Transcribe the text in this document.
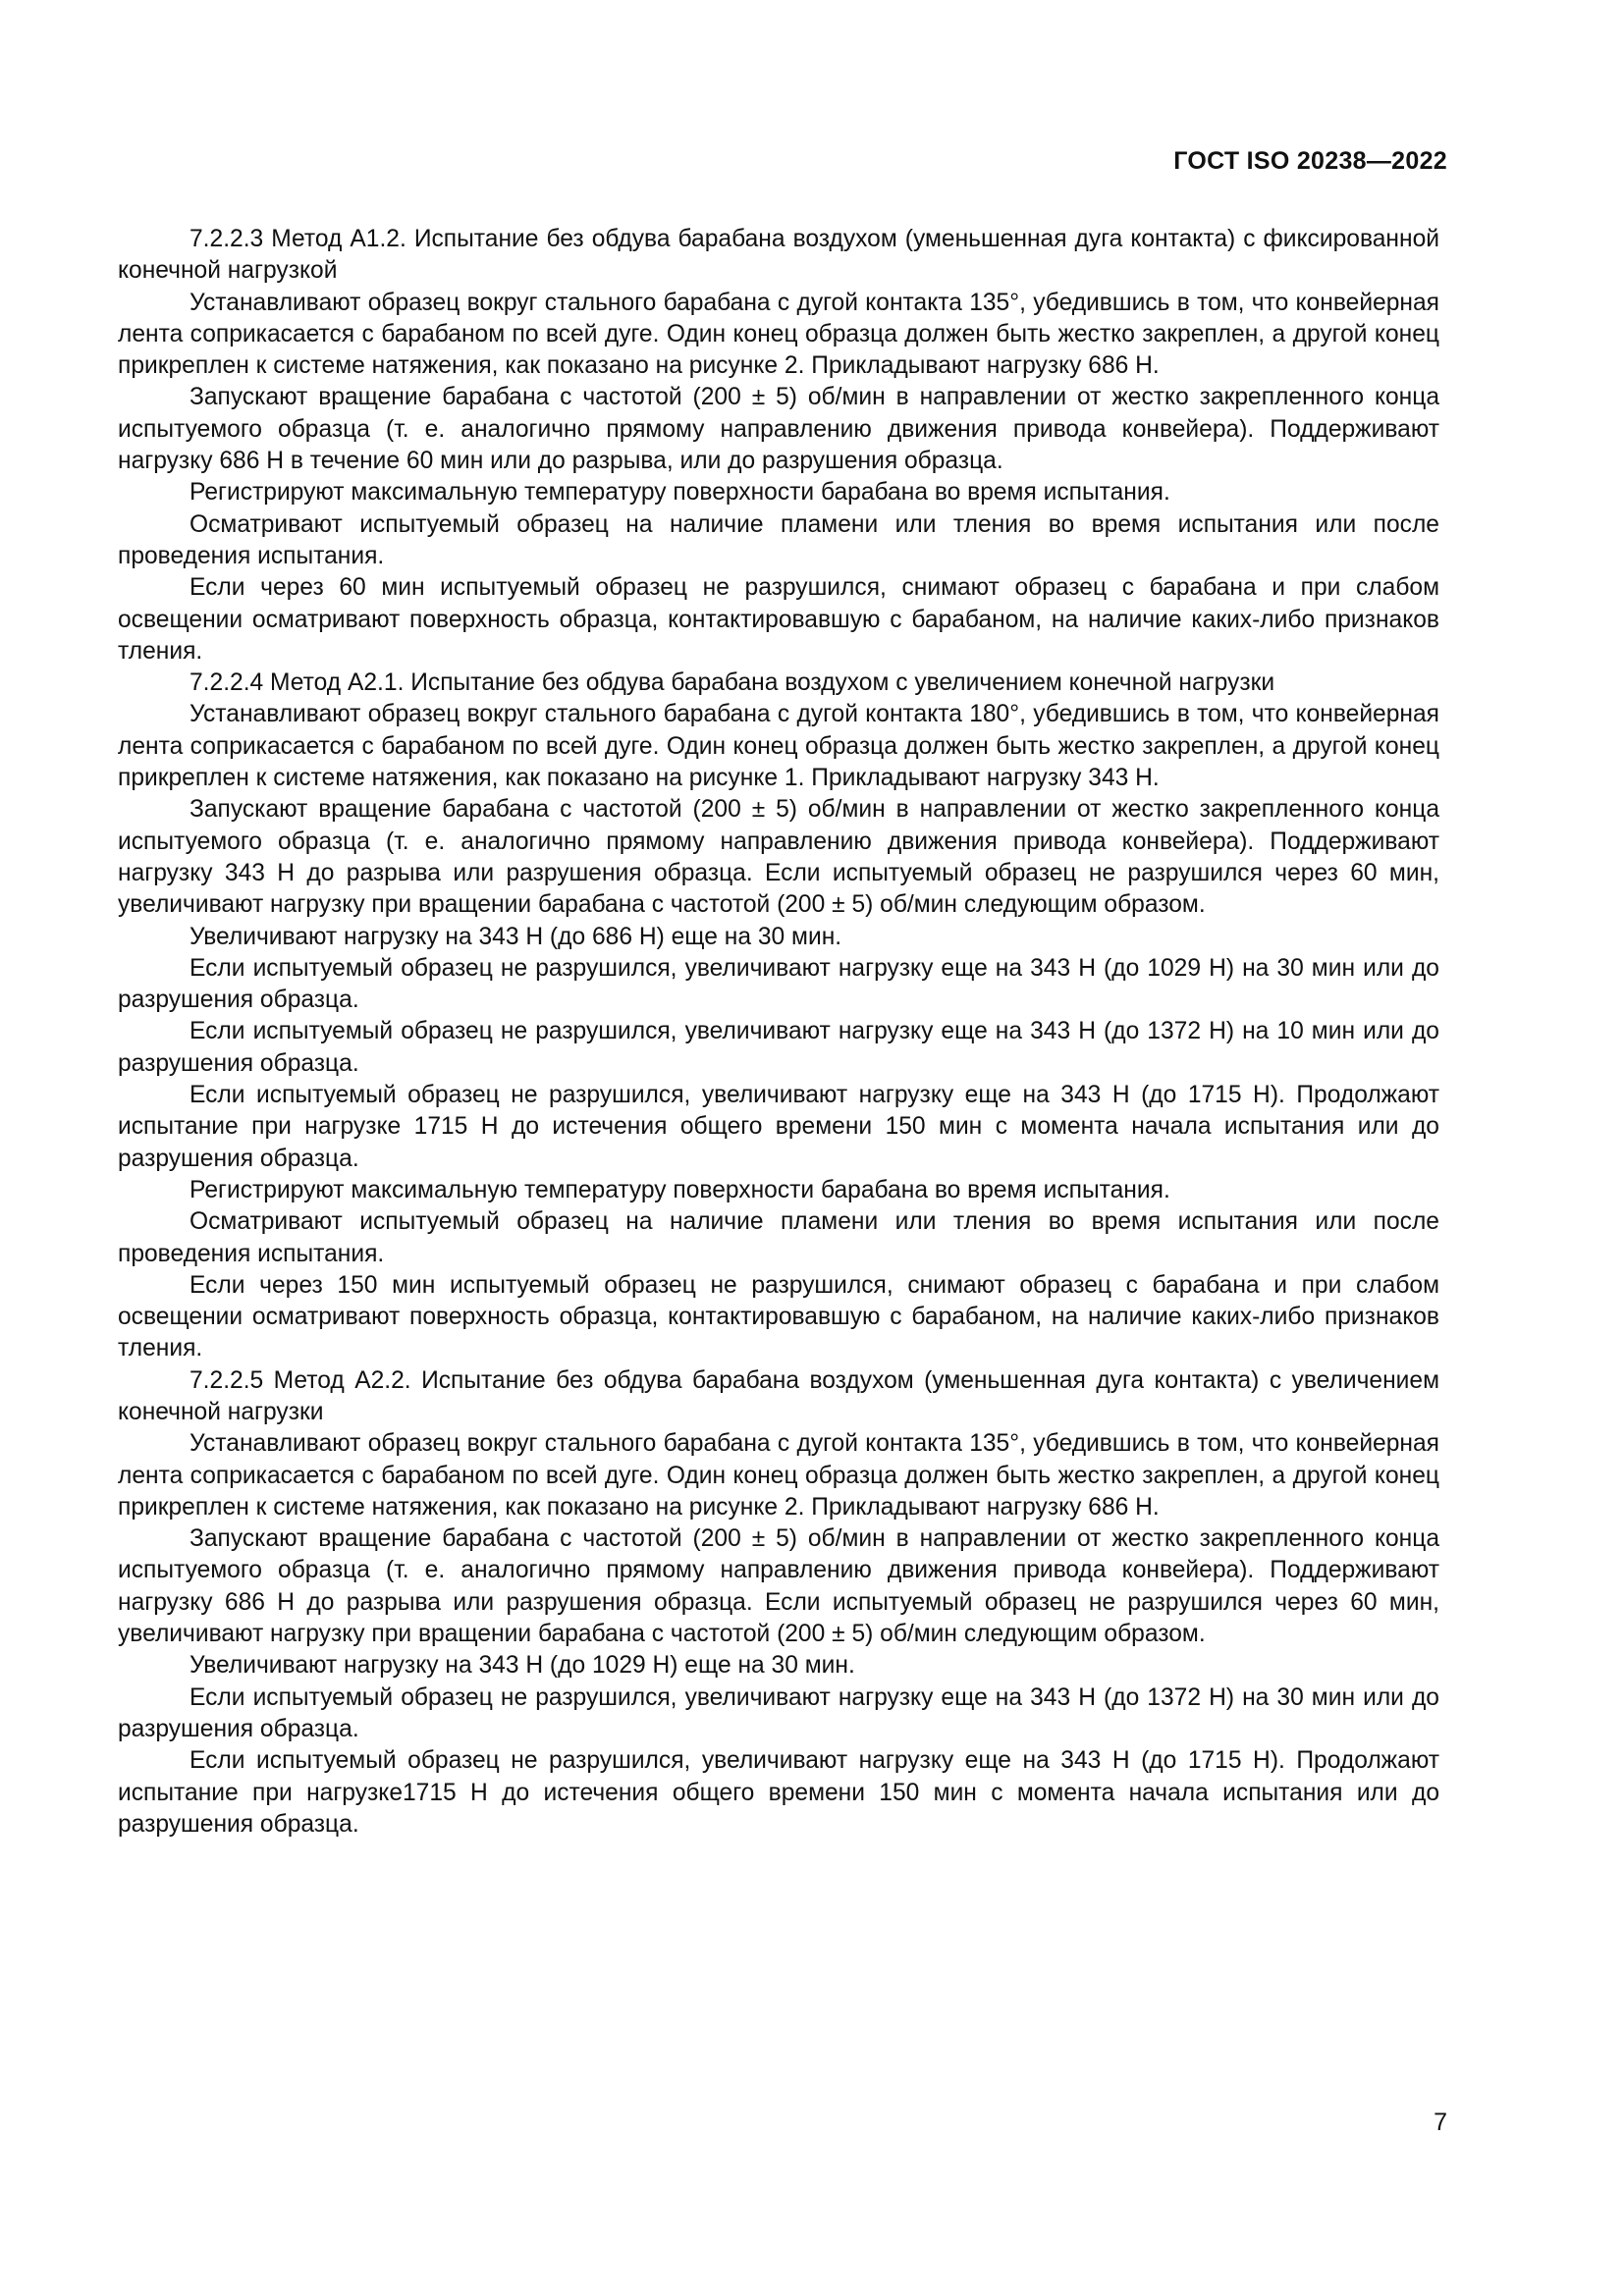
ГОСТ ISO 20238—2022

7.2.2.3 Метод А1.2. Испытание без обдува барабана воздухом (уменьшенная дуга контакта) с фиксированной конечной нагрузкой

Устанавливают образец вокруг стального барабана с дугой контакта 135°, убедившись в том, что конвейерная лента соприкасается с барабаном по всей дуге. Один конец образца должен быть жестко закреплен, а другой конец прикреплен к системе натяжения, как показано на рисунке 2. Прикладывают нагрузку 686 Н.

Запускают вращение барабана с частотой (200 ± 5) об/мин в направлении от жестко закрепленного конца испытуемого образца (т. е. аналогично прямому направлению движения привода конвейера). Поддерживают нагрузку 686 Н в течение 60 мин или до разрыва, или до разрушения образца.

Регистрируют максимальную температуру поверхности барабана во время испытания.

Осматривают испытуемый образец на наличие пламени или тления во время испытания или после проведения испытания.

Если через 60 мин испытуемый образец не разрушился, снимают образец с барабана и при слабом освещении осматривают поверхность образца, контактировавшую с барабаном, на наличие каких-либо признаков тления.

7.2.2.4 Метод А2.1. Испытание без обдува барабана воздухом с увеличением конечной нагрузки

Устанавливают образец вокруг стального барабана с дугой контакта 180°, убедившись в том, что конвейерная лента соприкасается с барабаном по всей дуге. Один конец образца должен быть жестко закреплен, а другой конец прикреплен к системе натяжения, как показано на рисунке 1. Прикладывают нагрузку 343 Н.

Запускают вращение барабана с частотой (200 ± 5) об/мин в направлении от жестко закрепленного конца испытуемого образца (т. е. аналогично прямому направлению движения привода конвейера). Поддерживают нагрузку 343 Н до разрыва или разрушения образца. Если испытуемый образец не разрушился через 60 мин, увеличивают нагрузку при вращении барабана с частотой (200 ± 5) об/мин следующим образом.

Увеличивают нагрузку на 343 Н (до 686 Н) еще на 30 мин.

Если испытуемый образец не разрушился, увеличивают нагрузку еще на 343 Н (до 1029 Н) на 30 мин или до разрушения образца.

Если испытуемый образец не разрушился, увеличивают нагрузку еще на 343 Н (до 1372 Н) на 10 мин или до разрушения образца.

Если испытуемый образец не разрушился, увеличивают нагрузку еще на 343 Н (до 1715 Н). Продолжают испытание при нагрузке 1715 Н до истечения общего времени 150 мин с момента начала испытания или до разрушения образца.

Регистрируют максимальную температуру поверхности барабана во время испытания.

Осматривают испытуемый образец на наличие пламени или тления во время испытания или после проведения испытания.

Если через 150 мин испытуемый образец не разрушился, снимают образец с барабана и при слабом освещении осматривают поверхность образца, контактировавшую с барабаном, на наличие каких-либо признаков тления.

7.2.2.5 Метод А2.2. Испытание без обдува барабана воздухом (уменьшенная дуга контакта) с увеличением конечной нагрузки

Устанавливают образец вокруг стального барабана с дугой контакта 135°, убедившись в том, что конвейерная лента соприкасается с барабаном по всей дуге. Один конец образца должен быть жестко закреплен, а другой конец прикреплен к системе натяжения, как показано на рисунке 2. Прикладывают нагрузку 686 Н.

Запускают вращение барабана с частотой (200 ± 5) об/мин в направлении от жестко закрепленного конца испытуемого образца (т. е. аналогично прямому направлению движения привода конвейера). Поддерживают нагрузку 686 Н до разрыва или разрушения образца. Если испытуемый образец не разрушился через 60 мин, увеличивают нагрузку при вращении барабана с частотой (200 ± 5) об/мин следующим образом.

Увеличивают нагрузку на 343 Н (до 1029 Н) еще на 30 мин.

Если испытуемый образец не разрушился, увеличивают нагрузку еще на 343 Н (до 1372 Н) на 30 мин или до разрушения образца.

Если испытуемый образец не разрушился, увеличивают нагрузку еще на 343 Н (до 1715 Н). Продолжают испытание при нагрузке1715 Н до истечения общего времени 150 мин с момента начала испытания или до разрушения образца.

7
